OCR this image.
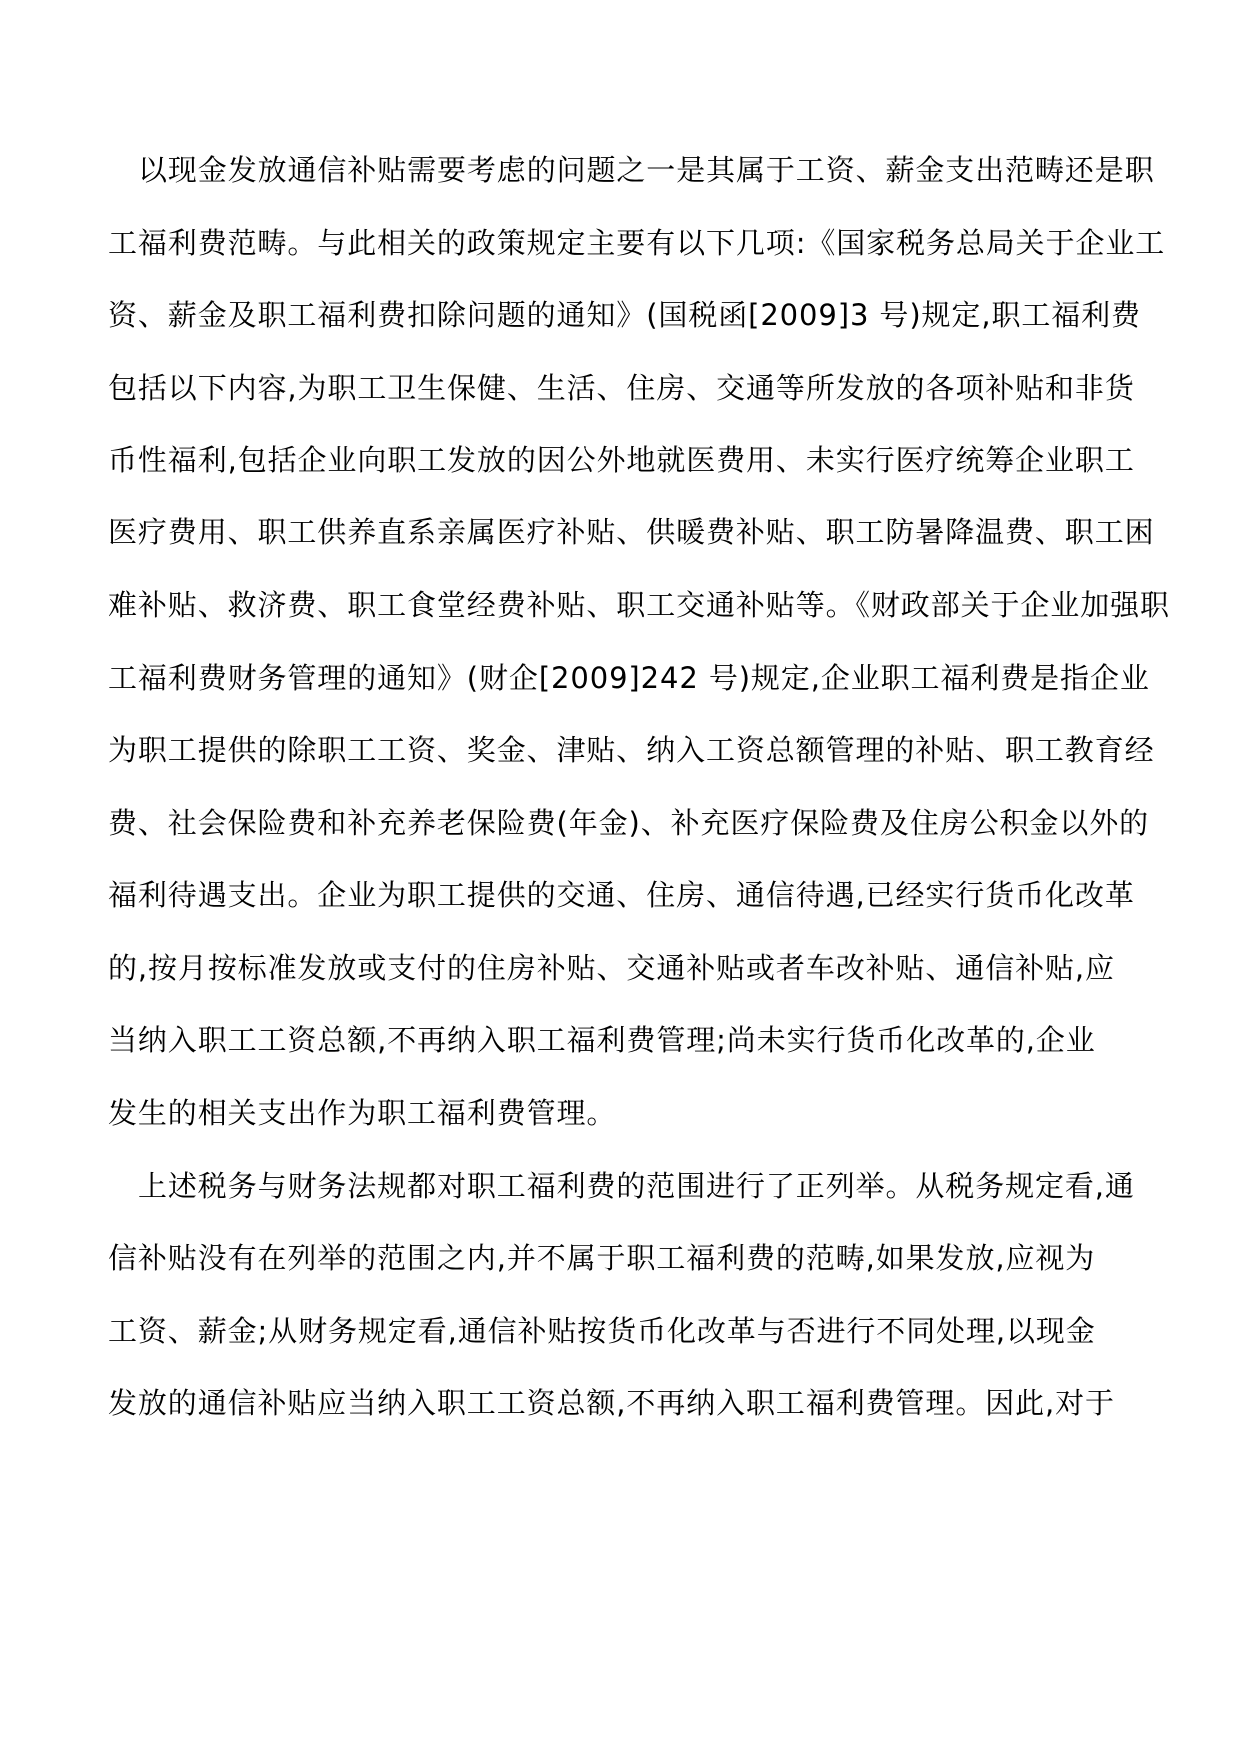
以现金发放通信补贴需要考虑的问题之一是其属于工资、薪金支出范畴还是职
工福利费范畴。与此相关的政策规定主要有以下几项:《国家税务总局关于企业工
资、薪金及职工福利费扣除问题的通知》(国税函[2009]3 号)规定,职工福利费
包括以下内容,为职工卫生保健、生活、住房、交通等所发放的各项补贴和非货
币性福利,包括企业向职工发放的因公外地就医费用、未实行医疗统筹企业职工
医疗费用、职工供养直系亲属医疗补贴、供暖费补贴、职工防暑降温费、职工困
难补贴、救济费、职工食堂经费补贴、职工交通补贴等。《财政部关于企业加强职
工福利费财务管理的通知》(财企[2009]242 号)规定,企业职工福利费是指企业
为职工提供的除职工工资、奖金、津贴、纳入工资总额管理的补贴、职工教育经
费、社会保险费和补充养老保险费(年金)、补充医疗保险费及住房公积金以外的
福利待遇支出。企业为职工提供的交通、住房、通信待遇,已经实行货币化改革
的,按月按标准发放或支付的住房补贴、交通补贴或者车改补贴、通信补贴,应
当纳入职工工资总额,不再纳入职工福利费管理;尚未实行货币化改革的,企业
发生的相关支出作为职工福利费管理。
上述税务与财务法规都对职工福利费的范围进行了正列举。从税务规定看,通
信补贴没有在列举的范围之内,并不属于职工福利费的范畴,如果发放,应视为
工资、薪金;从财务规定看,通信补贴按货币化改革与否进行不同处理,以现金
发放的通信补贴应当纳入职工工资总额,不再纳入职工福利费管理。因此,对于
